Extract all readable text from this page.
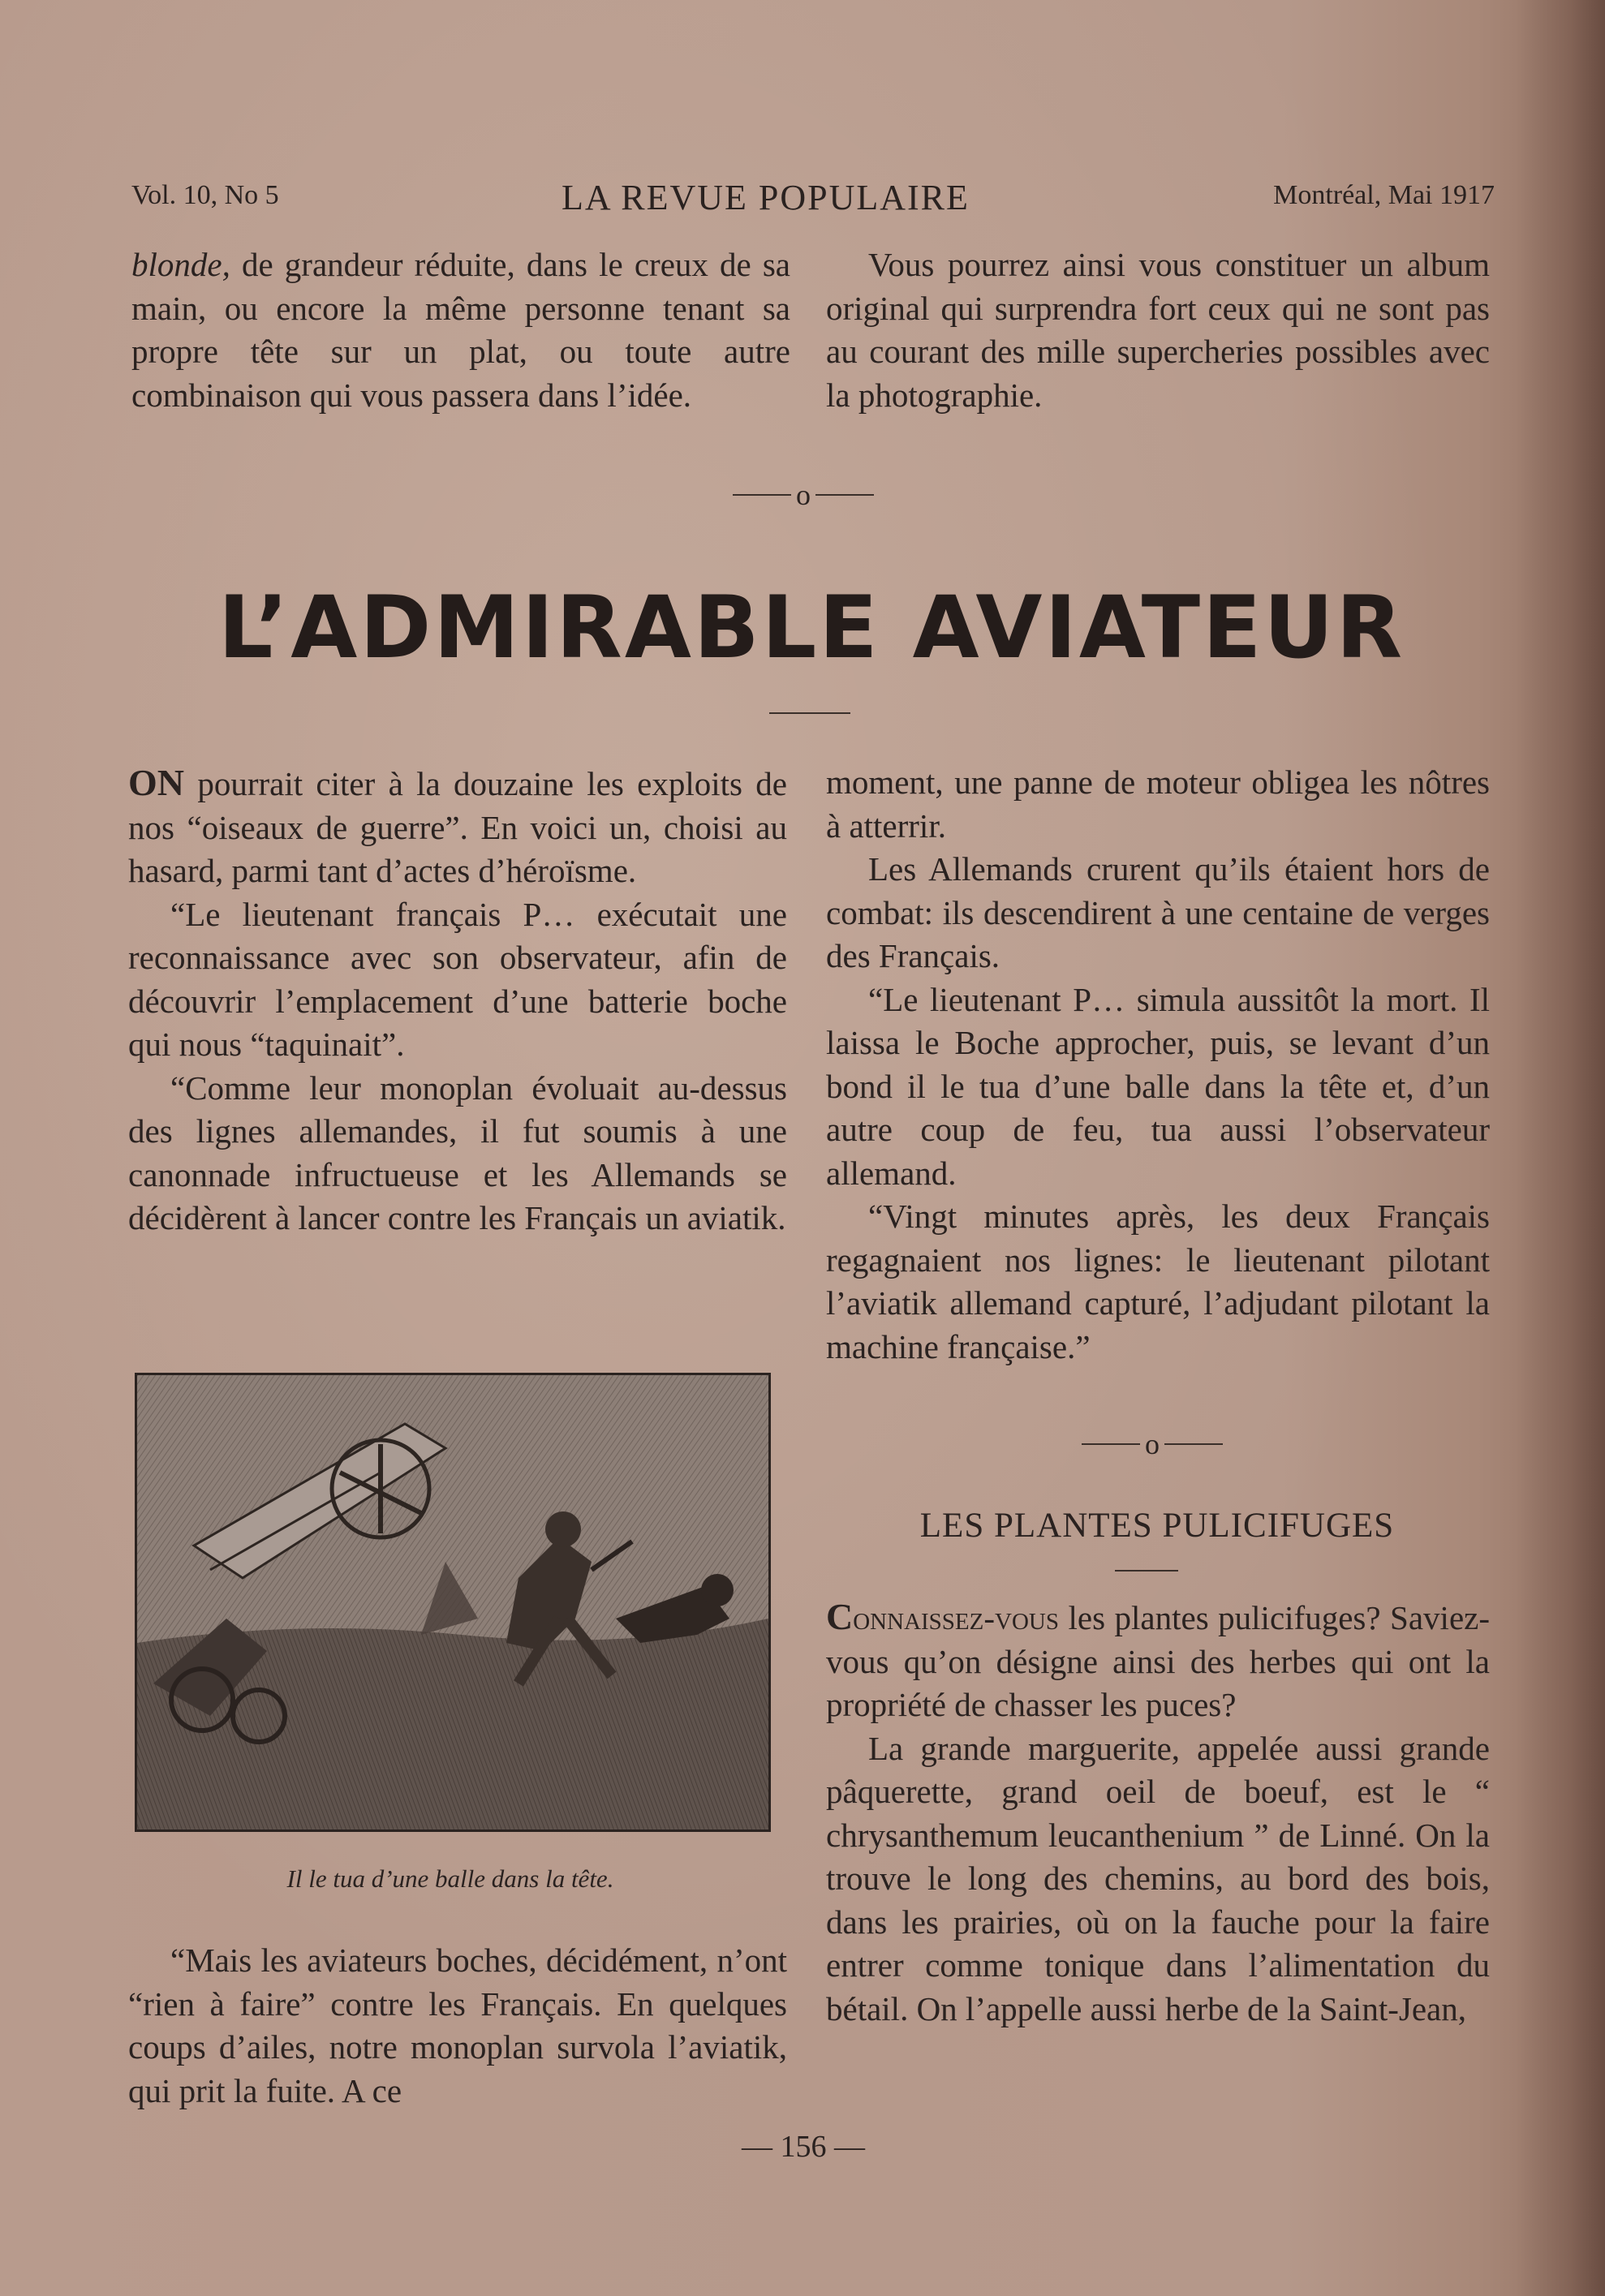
Vol. 10, No 5	LA REVUE POPULAIRE	Montréal, Mai 1917

blonde, de grandeur réduite, dans le creux de sa main, ou encore la même personne tenant sa propre tête sur un plat, ou toute autre combinaison qui vous passera dans l’idée.

Vous pourrez ainsi vous constituer un album original qui surprendra fort ceux qui ne sont pas au courant des mille supercheries possibles avec la photographie.

o
L’ADMIRABLE AVIATEUR

ON pourrait citer à la douzaine les exploits de nos “oiseaux de guerre”. En voici un, choisi au hasard, parmi tant d’actes d’héroïsme.

“Le lieutenant français P… exécutait une reconnaissance avec son observateur, afin de découvrir l’emplacement d’une batterie boche qui nous “taquinait”.

“Comme leur monoplan évoluait au-dessus des lignes allemandes, il fut soumis à une canonnade infructueuse et les Allemands se décidèrent à lancer contre les Français un aviatik.

Il le tua d’une balle dans la tête.

“Mais les aviateurs boches, décidément, n’ont “rien à faire” contre les Français. En quelques coups d’ailes, notre monoplan survola l’aviatik, qui prit la fuite. A ce

moment, une panne de moteur obligea les nôtres à atterrir.

Les Allemands crurent qu’ils étaient hors de combat: ils descendirent à une centaine de verges des Français.

“Le lieutenant P… simula aussitôt la mort. Il laissa le Boche approcher, puis, se levant d’un bond il le tua d’une balle dans la tête et, d’un autre coup de feu, tua aussi l’observateur allemand.

“Vingt minutes après, les deux Français regagnaient nos lignes: le lieutenant pilotant l’aviatik allemand capturé, l’adjudant pilotant la machine française.”

o
LES PLANTES PULICIFUGES

Connaissez-vous les plantes pulicifuges? Saviez-vous qu’on désigne ainsi des herbes qui ont la propriété de chasser les puces?

La grande marguerite, appelée aussi grande pâquerette, grand oeil de boeuf, est le “ chrysanthemum leucanthenium ” de Linné. On la trouve le long des chemins, au bord des bois, dans les prairies, où on la fauche pour la faire entrer comme tonique dans l’alimentation du bétail. On l’appelle aussi herbe de la Saint-Jean,

— 156 —
